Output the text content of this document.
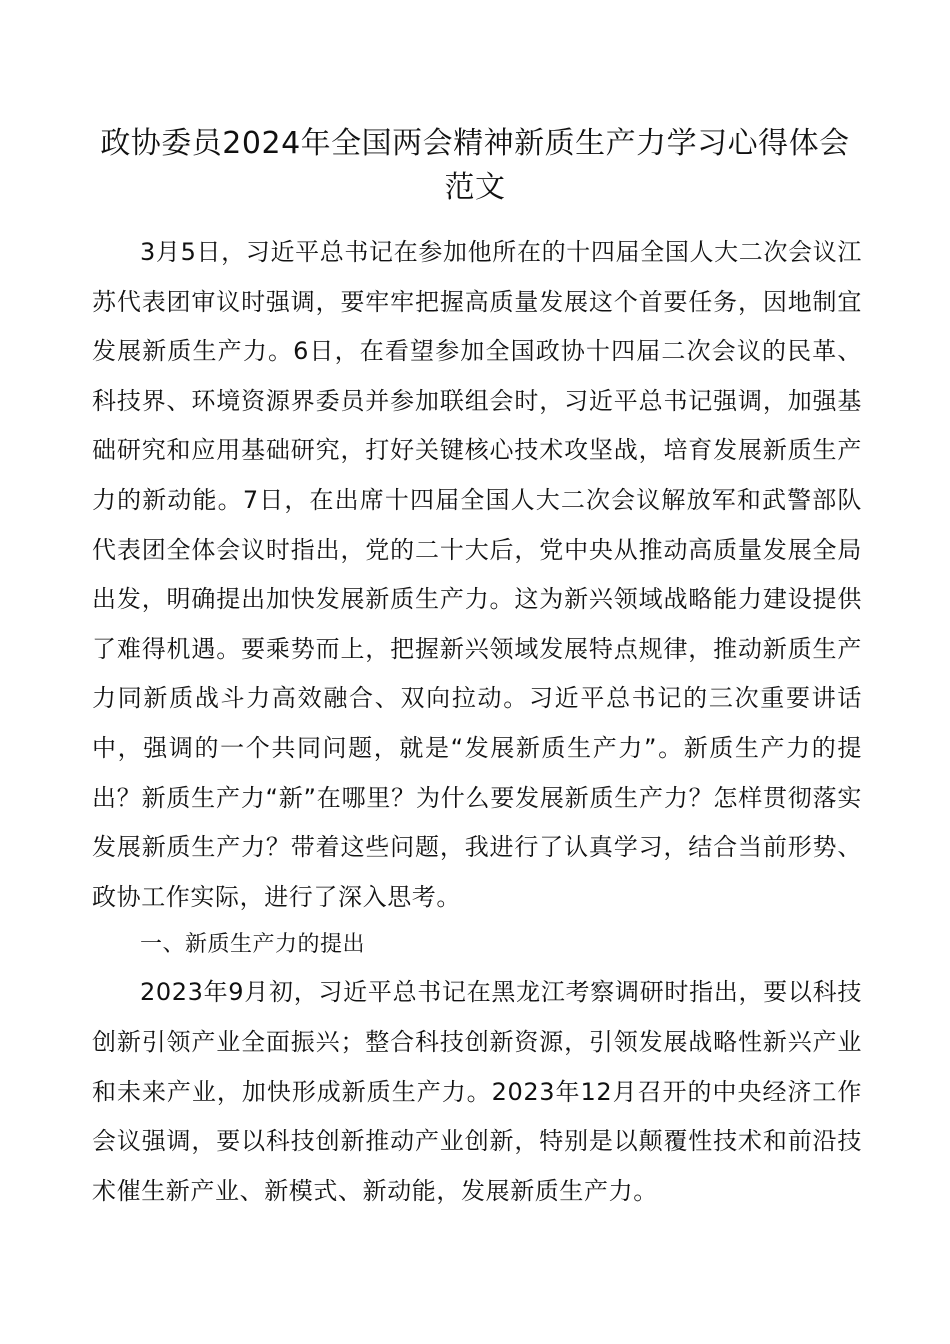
政协委员2024年全国两会精神新质生产力学习心得体会范文

3月5日，习近平总书记在参加他所在的十四届全国人大二次会议江苏代表团审议时强调，要牢牢把握高质量发展这个首要任务，因地制宜发展新质生产力。6日，在看望参加全国政协十四届二次会议的民革、科技界、环境资源界委员并参加联组会时，习近平总书记强调，加强基础研究和应用基础研究，打好关键核心技术攻坚战，培育发展新质生产力的新动能。7日，在出席十四届全国人大二次会议解放军和武警部队代表团全体会议时指出，党的二十大后，党中央从推动高质量发展全局出发，明确提出加快发展新质生产力。这为新兴领域战略能力建设提供了难得机遇。要乘势而上，把握新兴领域发展特点规律，推动新质生产力同新质战斗力高效融合、双向拉动。习近平总书记的三次重要讲话中，强调的一个共同问题，就是“发展新质生产力”。新质生产力的提出？新质生产力“新”在哪里？为什么要发展新质生产力？怎样贯彻落实发展新质生产力？带着这些问题，我进行了认真学习，结合当前形势、政协工作实际，进行了深入思考。

一、新质生产力的提出

2023年9月初，习近平总书记在黑龙江考察调研时指出，要以科技创新引领产业全面振兴；整合科技创新资源，引领发展战略性新兴产业和未来产业，加快形成新质生产力。2023年12月召开的中央经济工作会议强调，要以科技创新推动产业创新，特别是以颠覆性技术和前沿技术催生新产业、新模式、新动能，发展新质生产力。
